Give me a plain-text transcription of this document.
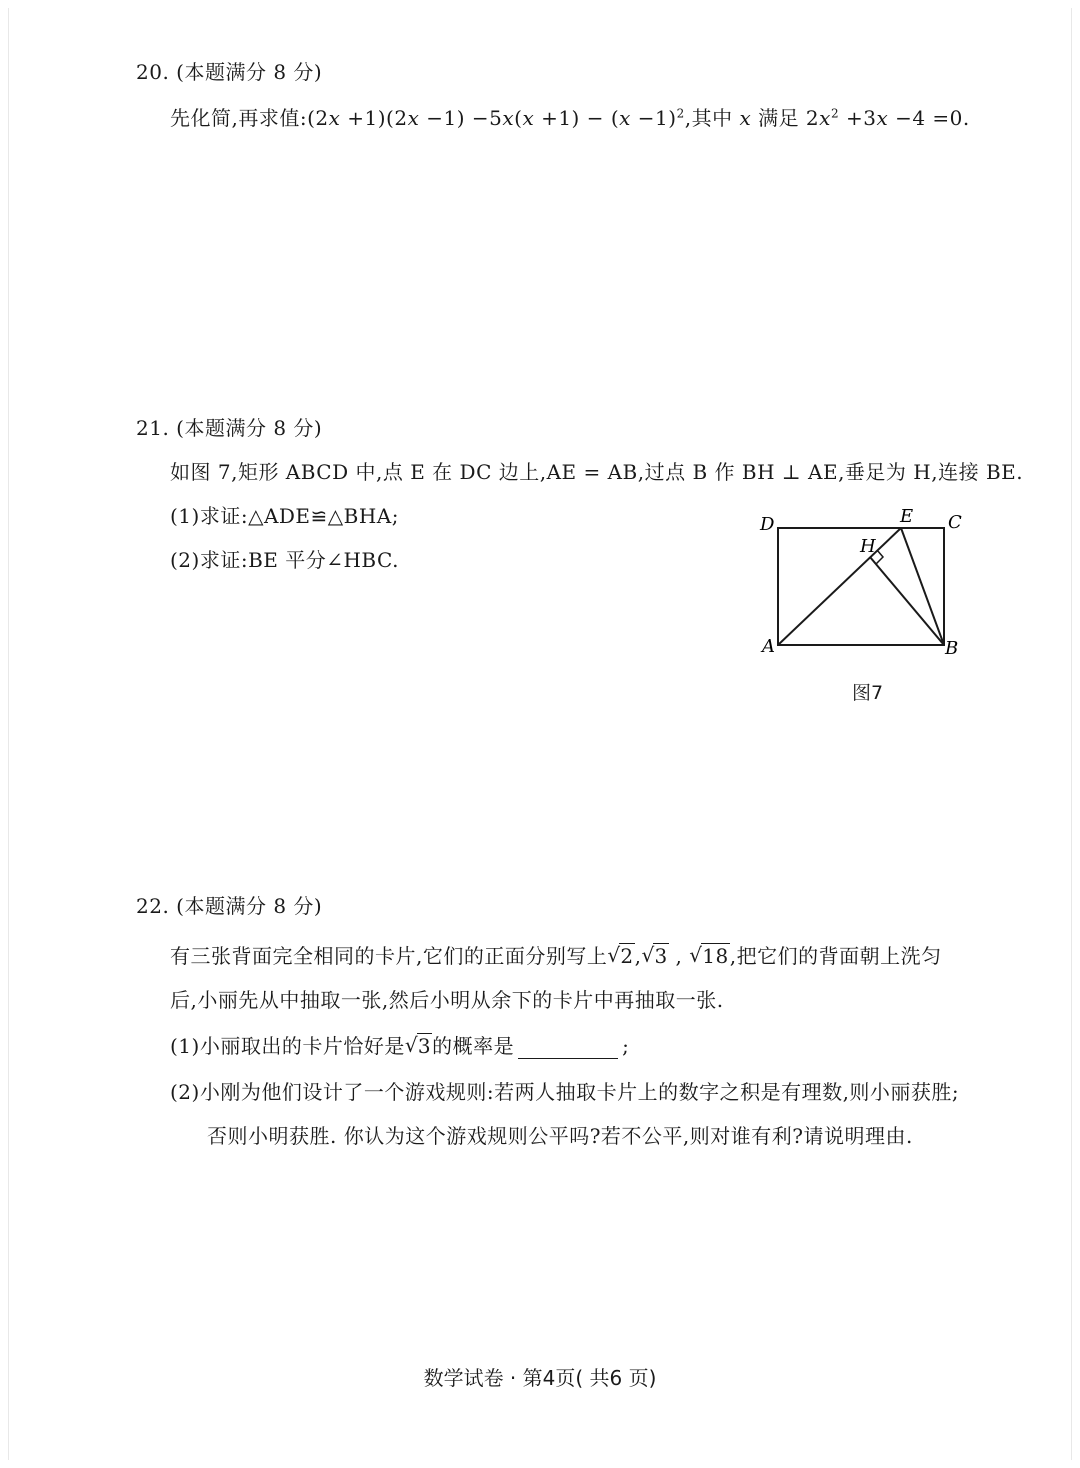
20. (本题满分 8 分)
先化简,再求值:(2x $+1)(2x -1) -5x(x +1) - (x -1)^2$,其中 x 满足 $2x^2 +3x -4 =0$.
21. (本题满分 8 分)
如图 7,矩形 ABCD 中,点 E 在 DC 边上,AE = AB,过点 B 作 BH ⊥ AE,垂足为 H,连接 BE.
(1)求证:△ADE≌△BHA;
(2)求证:BE 平分∠HBC.
D	E C
H
A	B
图7
22. (本题满分 8 分)
有三张背面完全相同的卡片,它们的正面分别写上 √ 2, √ 3 , √ 18,把它们的背面朝上洗匀
后,小丽先从中抽取一张,然后小明从余下的卡片中再抽取一张.
(1)小丽取出的卡片恰好是 √ 3的概率是	;
(2)小刚为他们设计了一个游戏规则:若两人抽取卡片上的数字之积是有理数,则小丽获胜;
否则小明获胜. 你认为这个游戏规则公平吗?若不公平,则对谁有利?请说明理由.
数学试卷 · 第4页( 共6 页)
